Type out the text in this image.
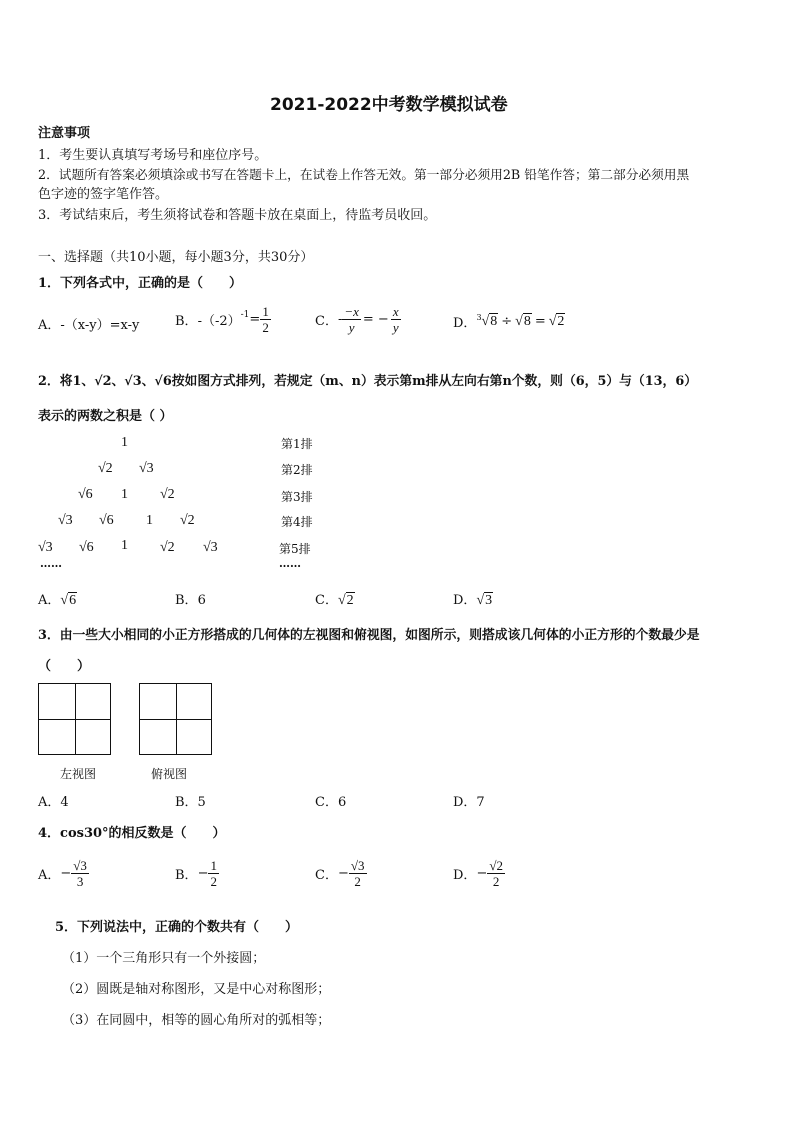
2021-2022中考数学模拟试卷
注意事项
1．考生要认真填写考场号和座位序号。
2．试题所有答案必须填涂或书写在答题卡上，在试卷上作答无效。第一部分必须用2B 铅笔作答；第二部分必须用黑
色字迹的签字笔作答。
3．考试结束后，考生须将试卷和答题卡放在桌面上，待监考员收回。
一、选择题（共10小题，每小题3分，共30分）
1．下列各式中，正确的是（　　）
A．-（x-y）=x-y	B． $-(-2)^{-1} = \frac{1}{2}$	C． - $\frac{-x}{y}$ = − $\frac{x}{y}$	D．$^3$ √8 ÷ √8 = √2
2．将1、√2、√3、√6按如图方式排列，若规定（m、n）表示第m排从左向右第n个数，则（6，5）与（13，6）
表示的两数之积是（ ）
1
√2 √3
√6 1 √2
√3 √6 1 √2
√3 √6 1 √2 √3
……
第1排
第2排
第3排
第4排
第5排
……
A．√6	B．6	C．√2	D．√3
3．由一些大小相同的小正方形搭成的几何体的左视图和俯视图，如图所示，则搭成该几何体的小正方形的个数最少是
（　　）
左视图	俯视图
A．4	B．5	C．6	D．7
4．cos30°的相反数是（　　）
A． − $\frac{√3}{3}$	B． − $\frac{1}{2}$	C． − $\frac{√3}{2}$	D． − $\frac{√2}{2}$
5．下列说法中，正确的个数共有（　　）
（1）一个三角形只有一个外接圆；
（2）圆既是轴对称图形，又是中心对称图形；
（3）在同圆中，相等的圆心角所对的弧相等；
